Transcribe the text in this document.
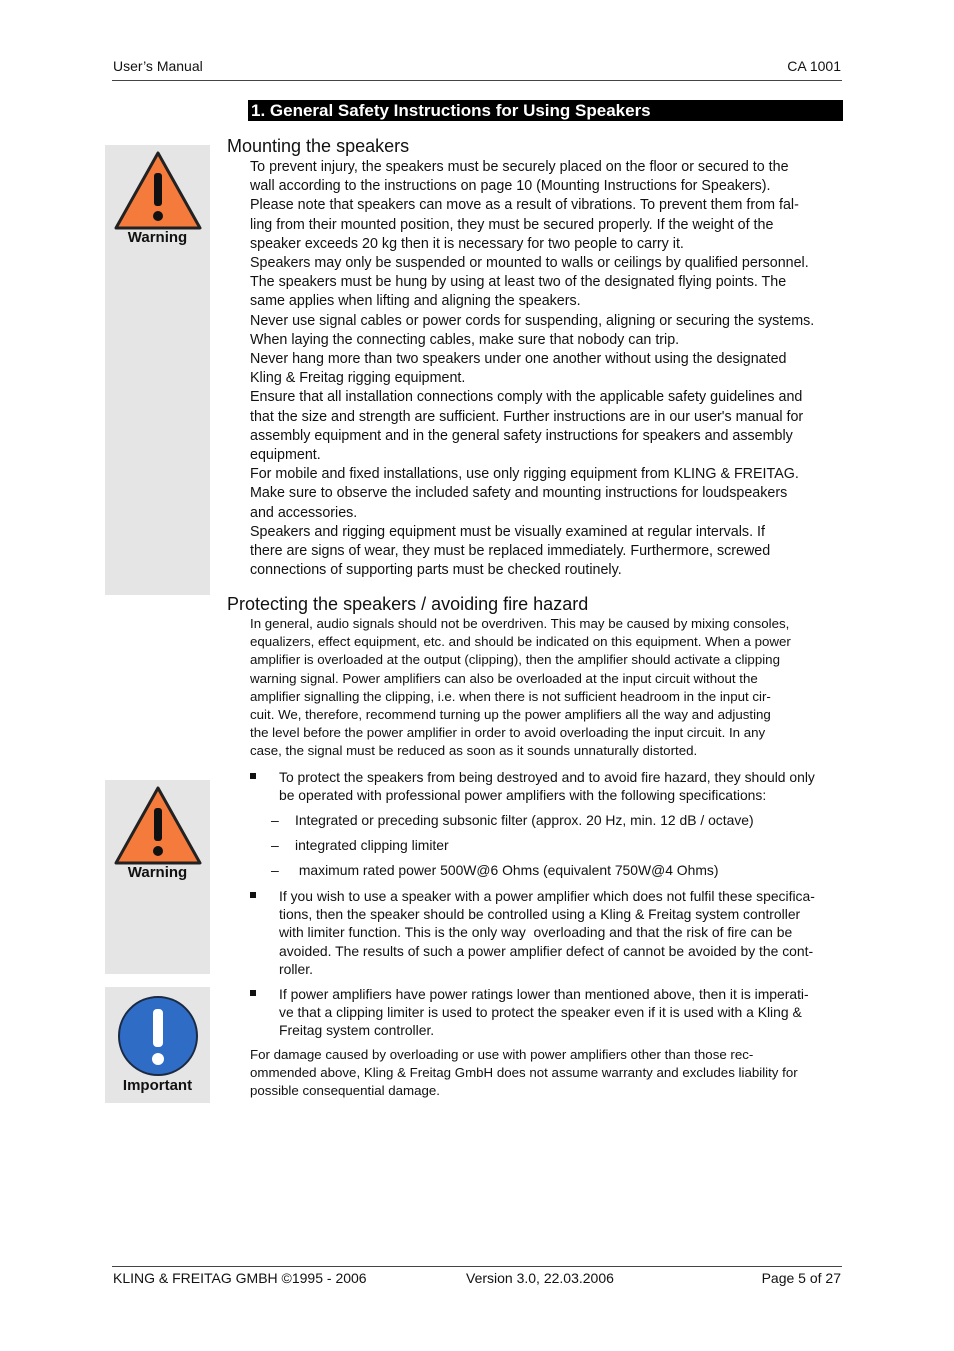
User’s Manual	CA 1001
1. General Safety Instructions for Using Speakers
Warning
Mounting the speakers
To prevent injury, the speakers must be securely placed on the floor or secured to the
wall according to the instructions on page 10 (Mounting Instructions for Speakers).
Please note that speakers can move as a result of vibrations. To prevent them from fal-
ling from their mounted position, they must be secured properly. If the weight of the
speaker exceeds 20 kg then it is necessary for two people to carry it.
Speakers may only be suspended or mounted to walls or ceilings by qualified personnel.
The speakers must be hung by using at least two of the designated flying points. The
same applies when lifting and aligning the speakers.
Never use signal cables or power cords for suspending, aligning or securing the systems.
When laying the connecting cables, make sure that nobody can trip.
Never hang more than two speakers under one another without using the designated
Kling & Freitag rigging equipment.
Ensure that all installation connections comply with the applicable safety guidelines and
that the size and strength are sufficient. Further instructions are in our user's manual for
assembly equipment and in the general safety instructions for speakers and assembly
equipment.
For mobile and fixed installations, use only rigging equipment from KLING & FREITAG.
Make sure to observe the included safety and mounting instructions for loudspeakers
and accessories.
Speakers and rigging equipment must be visually examined at regular intervals. If
there are signs of wear, they must be replaced immediately. Furthermore, screwed
connections of supporting parts must be checked routinely.
Protecting the speakers / avoiding fire hazard
In general, audio signals should not be overdriven. This may be caused by mixing consoles,
equalizers, effect equipment, etc. and should be indicated on this equipment. When a power
amplifier is overloaded at the output (clipping), then the amplifier should activate a clipping
warning signal. Power amplifiers can also be overloaded at the input circuit without the
amplifier signalling the clipping, i.e. when there is not sufficient headroom in the input cir-
cuit. We, therefore, recommend turning up the power amplifiers all the way and adjusting
the level before the power amplifier in order to avoid overloading the input circuit. In any
case, the signal must be reduced as soon as it sounds unnaturally distorted.
Warning
Important
To protect the speakers from being destroyed and to avoid fire hazard, they should only
be operated with professional power amplifiers with the following specifications:
– Integrated or preceding subsonic filter (approx. 20 Hz, min. 12 dB / octave)
– integrated clipping limiter
– maximum rated power 500W@6 Ohms (equivalent 750W@4 Ohms)
If you wish to use a speaker with a power amplifier which does not fulfil these specifica-
tions, then the speaker should be controlled using a Kling & Freitag system controller
with limiter function. This is the only way  overloading and that the risk of fire can be
avoided. The results of such a power amplifier defect of cannot be avoided by the cont-
roller.
If power amplifiers have power ratings lower than mentioned above, then it is imperati-
ve that a clipping limiter is used to protect the speaker even if it is used with a Kling &
Freitag system controller.
For damage caused by overloading or use with power amplifiers other than those rec-
ommended above, Kling & Freitag GmbH does not assume warranty and excludes liability for
possible consequential damage.
KLING & FREITAG GMBH ©1995 - 2006	Version 3.0, 22.03.2006	Page 5 of 27
